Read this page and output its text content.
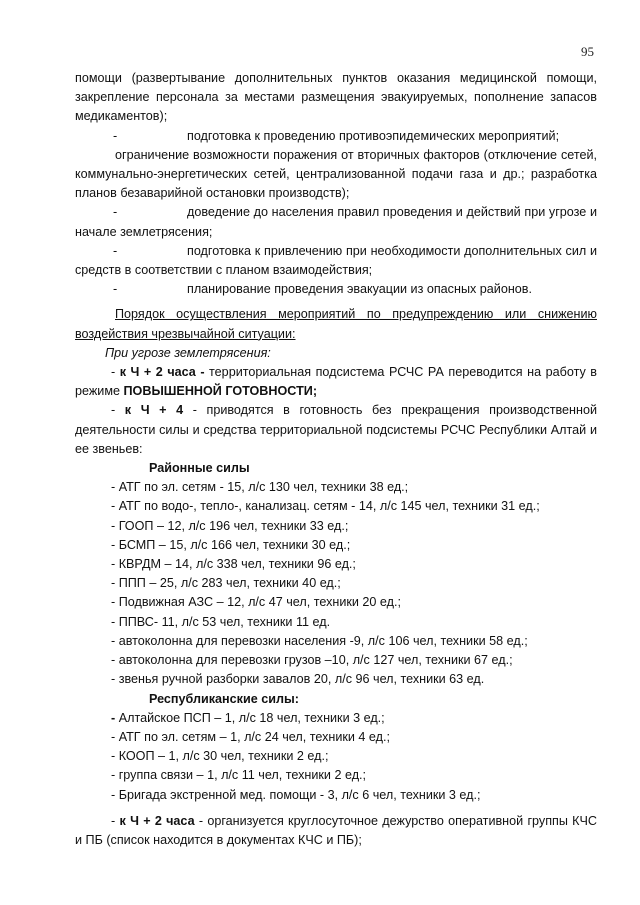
95

помощи (развертывание дополнительных пунктов оказания медицинской помощи, закрепление персонала за местами размещения эвакуируемых, пополнение запасов медикаментов);

-	подготовка к проведению противоэпидемических мероприятий;

ограничение возможности поражения от вторичных факторов (отключение сетей, коммунально-энергетических сетей, централизованной подачи газа и др.; разработка планов безаварийной остановки производств);

-	доведение до населения правил проведения и действий при угрозе и начале землетрясения;

-	подготовка к привлечению при необходимости дополнительных сил и средств в соответствии с планом взаимодействия;

-	планирование проведения эвакуации из опасных районов.

Порядок осуществления мероприятий по предупреждению или снижению воздействия чрезвычайной ситуации:

При угрозе землетрясения:

- к Ч + 2 часа - территориальная подсистема РСЧС РА переводится на работу в режиме ПОВЫШЕННОЙ ГОТОВНОСТИ;

- к Ч + 4 - приводятся в готовность без прекращения производственной деятельности силы и средства территориальной подсистемы РСЧС Республики Алтай и ее звеньев:

Районные силы

- АТГ по эл. сетям - 15, л/с 130 чел, техники 38 ед.;

- АТГ по водо-, тепло-, канализац. сетям - 14, л/с 145 чел, техники 31 ед.;

- ГООП – 12, л/с 196 чел, техники 33 ед.;

- БСМП – 15, л/с 166 чел, техники 30 ед.;

- КВРДМ – 14, л/с 338 чел, техники 96 ед.;

- ППП – 25, л/с 283 чел, техники 40 ед.;

- Подвижная АЗС – 12, л/с 47 чел, техники 20 ед.;

- ППВС- 11, л/с 53 чел, техники 11 ед.

- автоколонна для перевозки населения -9, л/с 106 чел, техники 58 ед.;

- автоколонна для перевозки грузов –10, л/с 127 чел, техники 67 ед.;

- звенья ручной разборки завалов 20, л/с 96 чел, техники 63 ед.

Республиканские силы:

- Алтайское ПСП – 1, л/с 18 чел, техники 3 ед.;

- АТГ по эл. сетям – 1, л/с 24 чел, техники 4 ед.;

- КООП – 1, л/с 30 чел, техники 2 ед.;

- группа связи – 1, л/с 11 чел, техники 2 ед.;

- Бригада экстренной мед. помощи - 3, л/с 6 чел, техники 3 ед.;

- к Ч + 2 часа - организуется круглосуточное дежурство оперативной группы КЧС и ПБ (список находится в документах КЧС и ПБ);
